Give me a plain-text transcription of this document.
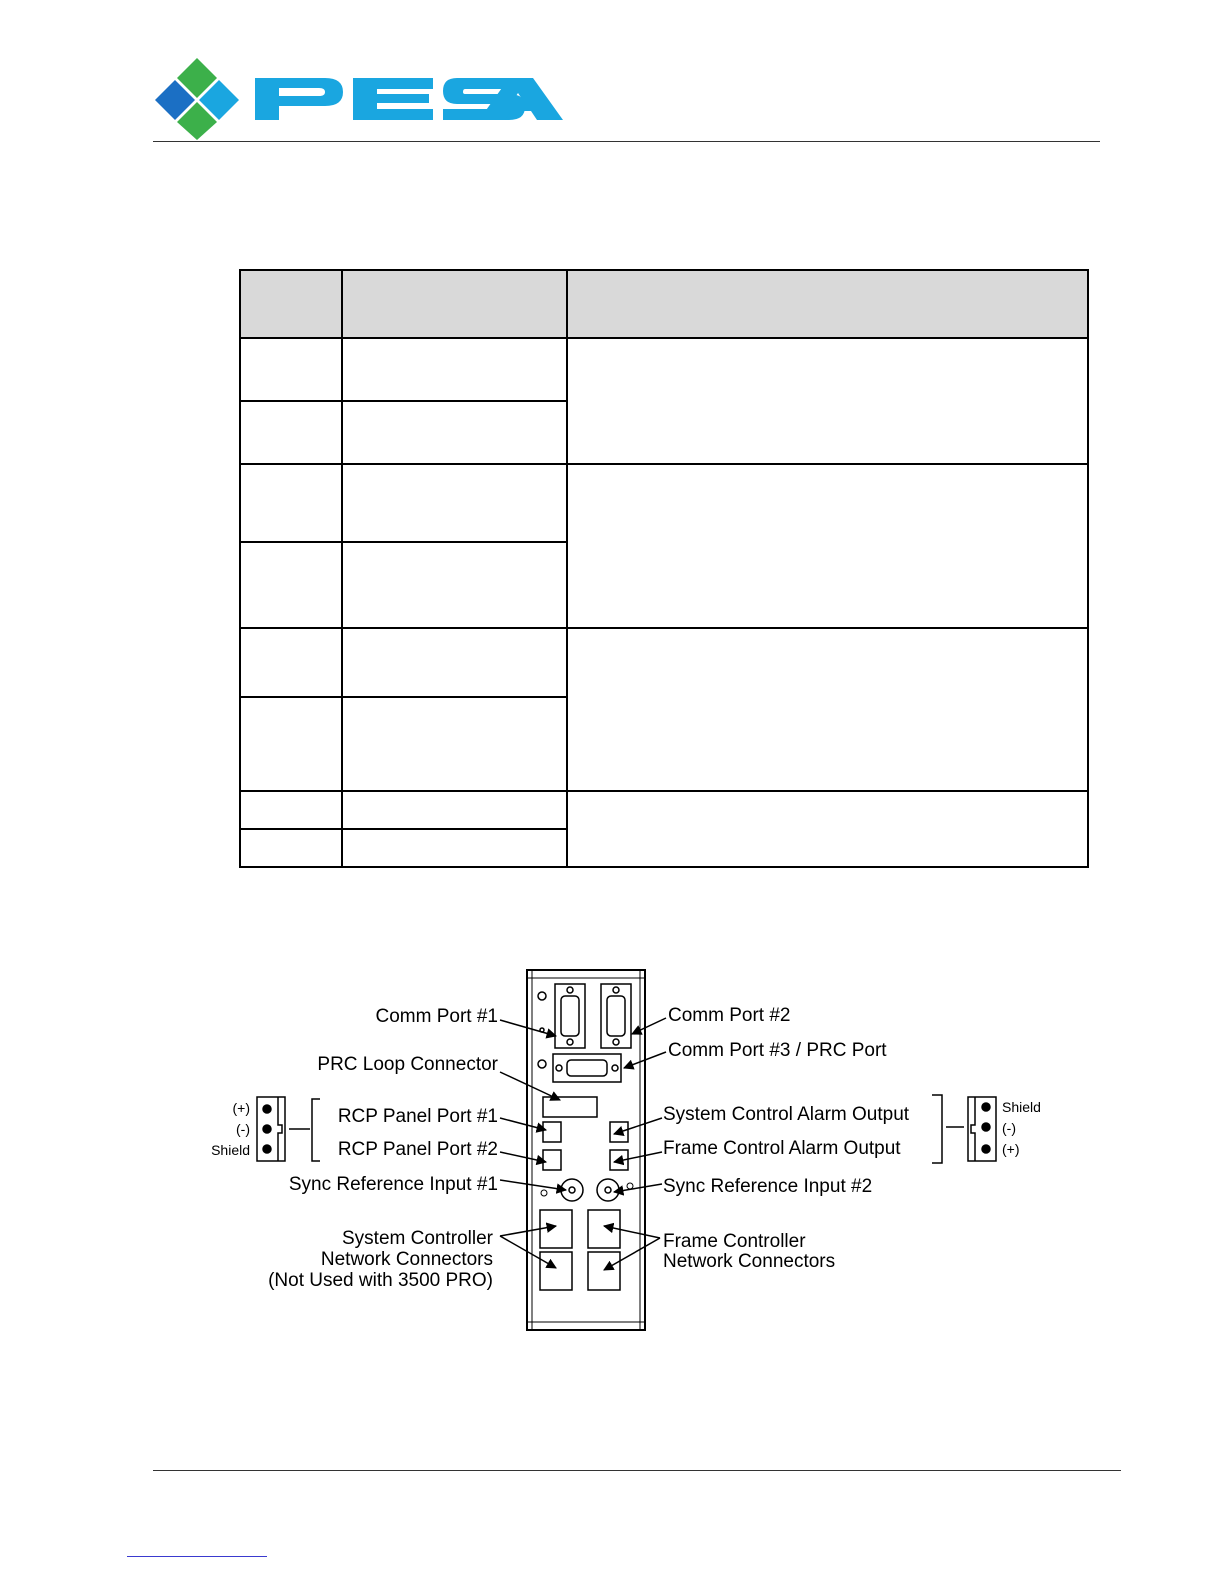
(+)
(-)
Shield
Shield
(-)
(+)
Comm Port #1	Comm Port #2
Comm Port #3 / PRC Port
PRC Loop Connector
RCP Panel Port #1
RCP Panel Port #2
System Control Alarm Output
Frame Control Alarm Output
Sync Reference Input #1	Sync Reference Input #2
System Controller
Network Connectors
(Not Used with 3500 PRO)
Frame Controller
Network Connectors
